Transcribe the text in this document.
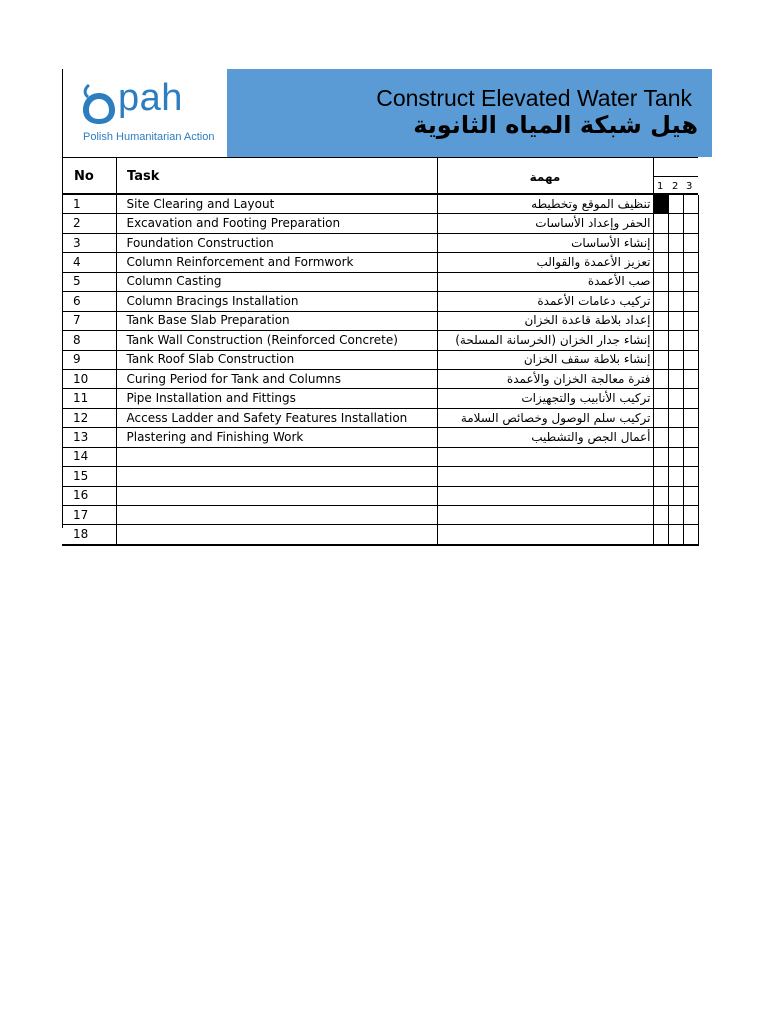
pah
Polish Humanitarian Action
Construct Elevated Water Tank
هيل شبكة المياه الثانوية
No	Task	مهمة
1 2 3
1	Site Clearing and Layout	تنظيف الموقع وتخطيطه			
2	Excavation and Footing Preparation	الحفر وإعداد الأساسات			
3	Foundation Construction	إنشاء الأساسات			
4	Column Reinforcement and Formwork	تعزيز الأعمدة والقوالب			
5	Column Casting	صب الأعمدة			
6	Column Bracings Installation	تركيب دعامات الأعمدة			
7	Tank Base Slab Preparation	إعداد بلاطة قاعدة الخزان			
8	Tank Wall Construction (Reinforced Concrete)	إنشاء جدار الخزان (الخرسانة المسلحة)			
9	Tank Roof Slab Construction	إنشاء بلاطة سقف الخزان			
10	Curing Period for Tank and Columns	فترة معالجة الخزان والأعمدة			
11	Pipe Installation and Fittings	تركيب الأنابيب والتجهيزات			
12	Access Ladder and Safety Features Installation	تركيب سلم الوصول وخصائص السلامة			
13	Plastering and Finishing Work	أعمال الجص والتشطيب			
14					
15					
16					
17					
18					
